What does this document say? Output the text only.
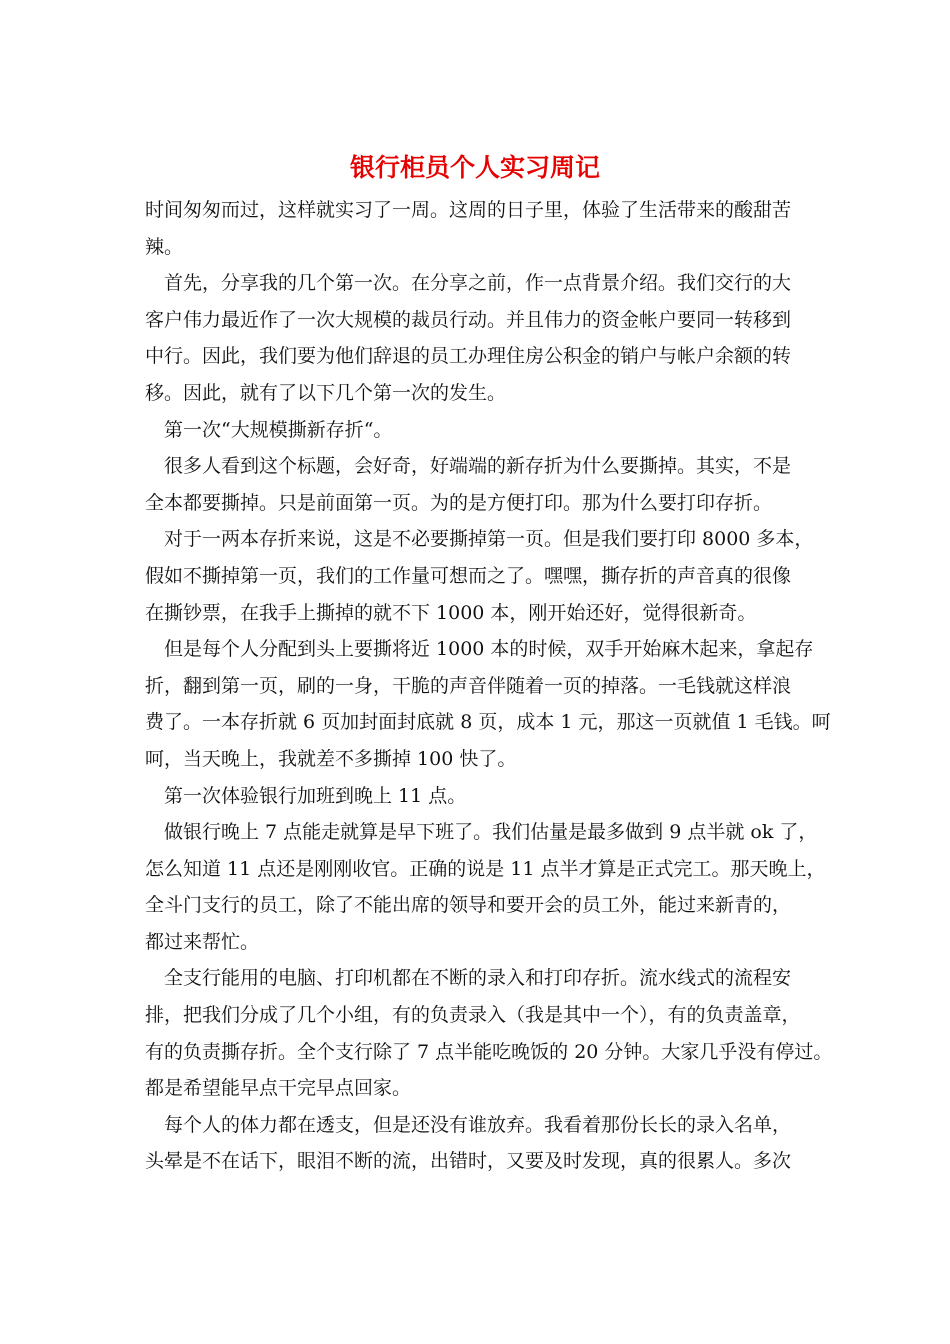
银行柜员个人实习周记
时间匆匆而过，这样就实习了一周。这周的日子里，体验了生活带来的酸甜苦
辣。
首先，分享我的几个第一次。在分享之前，作一点背景介绍。我们交行的大
客户伟力最近作了一次大规模的裁员行动。并且伟力的资金帐户要同一转移到
中行。因此，我们要为他们辞退的员工办理住房公积金的销户与帐户余额的转
移。因此，就有了以下几个第一次的发生。
第一次“大规模撕新存折“。
很多人看到这个标题，会好奇，好端端的新存折为什么要撕掉。其实，不是
全本都要撕掉。只是前面第一页。为的是方便打印。那为什么要打印存折。
对于一两本存折来说，这是不必要撕掉第一页。但是我们要打印 8000 多本，
假如不撕掉第一页，我们的工作量可想而之了。嘿嘿，撕存折的声音真的很像
在撕钞票，在我手上撕掉的就不下 1000 本，刚开始还好，觉得很新奇。
但是每个人分配到头上要撕将近 1000 本的时候，双手开始麻木起来，拿起存
折，翻到第一页，刷的一身，干脆的声音伴随着一页的掉落。一毛钱就这样浪
费了。一本存折就 6 页加封面封底就 8 页，成本 1 元，那这一页就值 1 毛钱。呵
呵，当天晚上，我就差不多撕掉 100 快了。
第一次体验银行加班到晚上 11 点。
做银行晚上 7 点能走就算是早下班了。我们估量是最多做到 9 点半就 ok 了，
怎么知道 11 点还是刚刚收官。正确的说是 11 点半才算是正式完工。那天晚上，
全斗门支行的员工，除了不能出席的领导和要开会的员工外，能过来新青的，
都过来帮忙。
全支行能用的电脑、打印机都在不断的录入和打印存折。流水线式的流程安
排，把我们分成了几个小组，有的负责录入（我是其中一个），有的负责盖章，
有的负责撕存折。全个支行除了 7 点半能吃晚饭的 20 分钟。大家几乎没有停过。
都是希望能早点干完早点回家。
每个人的体力都在透支，但是还没有谁放弃。我看着那份长长的录入名单，
头晕是不在话下，眼泪不断的流，出错时，又要及时发现，真的很累人。多次
